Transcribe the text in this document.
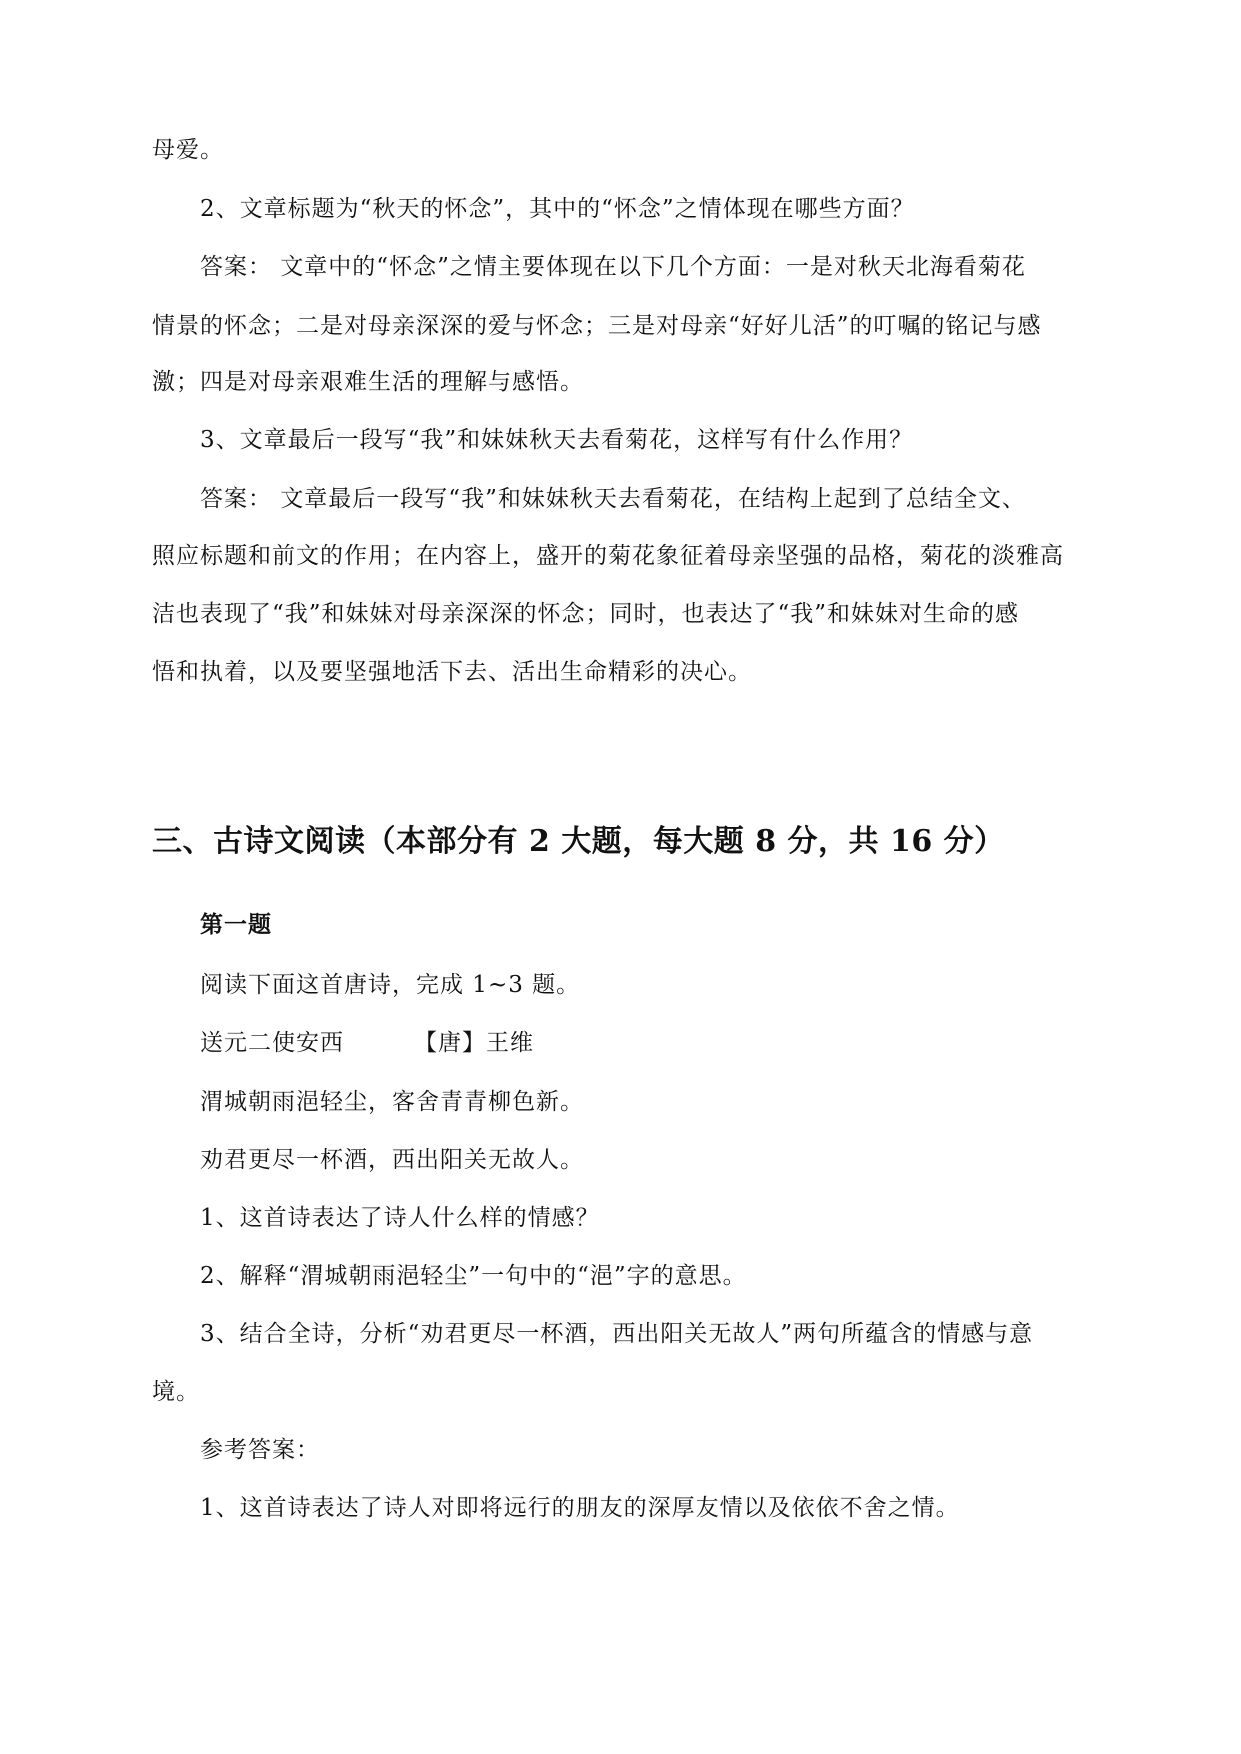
母爱。
2、文章标题为“秋天的怀念”，其中的“怀念”之情体现在哪些方面？
答案： 文章中的“怀念”之情主要体现在以下几个方面：一是对秋天北海看菊花
情景的怀念；二是对母亲深深的爱与怀念；三是对母亲“好好儿活”的叮嘱的铭记与感
激；四是对母亲艰难生活的理解与感悟。
3、文章最后一段写“我”和妹妹秋天去看菊花，这样写有什么作用？
答案： 文章最后一段写“我”和妹妹秋天去看菊花，在结构上起到了总结全文、
照应标题和前文的作用；在内容上，盛开的菊花象征着母亲坚强的品格，菊花的淡雅高
洁也表现了“我”和妹妹对母亲深深的怀念；同时，也表达了“我”和妹妹对生命的感
悟和执着，以及要坚强地活下去、活出生命精彩的决心。
三、古诗文阅读（本部分有 2 大题，每大题 8 分，共 16 分）
第一题
阅读下面这首唐诗，完成 1~3 题。
送元二使安西	【唐】王维
渭城朝雨浥轻尘，客舍青青柳色新。
劝君更尽一杯酒，西出阳关无故人。
1、这首诗表达了诗人什么样的情感？
2、解释“渭城朝雨浥轻尘”一句中的“浥”字的意思。
3、结合全诗，分析“劝君更尽一杯酒，西出阳关无故人”两句所蕴含的情感与意
境。
参考答案：
1、这首诗表达了诗人对即将远行的朋友的深厚友情以及依依不舍之情。
